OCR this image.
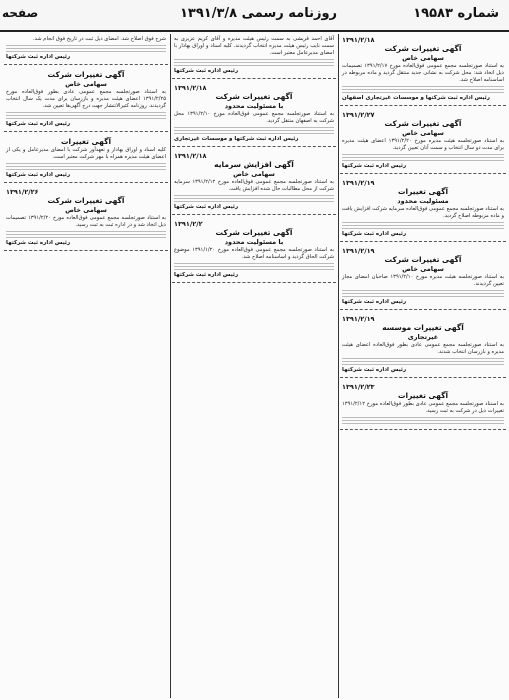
شماره ۱۹۵۸۳
روزنامه رسمی ۱۳۹۱/۳/۸
صفحه
۱۳۹۱/۲/۱۸
آگهی تغییرات شرکت
سهامی خاص
به استناد صورتجلسه مجمع عمومی فوق‌العاده مورخ ۱۳۹۱/۲/۱۷ تصمیمات ذیل اتخاذ شد: محل شرکت به نشانی جدید منتقل گردید و ماده مربوطه در اساسنامه اصلاح شد.
رئیس اداره ثبت شرکتها و موسسات غیرتجاری اصفهان
۱۳۹۱/۲/۲۷
آگهی تغییرات شرکت
سهامی خاص
به استناد صورتجلسه هیئت مدیره مورخ ۱۳۹۱/۲/۲۰ اعضای هیئت مدیره برای مدت دو سال انتخاب و سمت آنان تعیین گردید.
رئیس اداره ثبت شرکتها
۱۳۹۱/۲/۱۹
آگهی تغییرات
مسئولیت محدود
به استناد صورتجلسه مجمع عمومی فوق‌العاده سرمایه شرکت افزایش یافت و ماده مربوطه اصلاح گردید.
رئیس اداره ثبت شرکتها
۱۳۹۱/۲/۱۹
آگهی تغییرات شرکت
سهامی خاص
به استناد صورتجلسه هیئت مدیره مورخ ۱۳۹۱/۲/۱۰ صاحبان امضای مجاز تعیین گردیدند.
رئیس اداره ثبت شرکتها
۱۳۹۱/۲/۱۹
آگهی تغییرات موسسه
غیرتجاری
به استناد صورتجلسه مجمع عمومی عادی بطور فوق‌العاده اعضای هیئت مدیره و بازرسان انتخاب شدند.
رئیس اداره ثبت شرکتها
۱۳۹۱/۲/۲۳
آگهی تغییرات
به استناد صورتجلسه مجمع عمومی عادی بطور فوق‌العاده مورخ ۱۳۹۱/۲/۱۲ تغییرات ذیل در شرکت به ثبت رسید.
آقای احمد قریشی به سمت رئیس هیئت مدیره و آقای کریم عزیزی به سمت نایب رئیس هیئت مدیره انتخاب گردیدند. کلیه اسناد و اوراق بهادار با امضای مدیرعامل معتبر است.
رئیس اداره ثبت شرکتها
۱۳۹۱/۲/۱۸
آگهی تغییرات شرکت
با مسئولیت محدود
به استناد صورتجلسه مجمع عمومی فوق‌العاده مورخ ۱۳۹۱/۲/۱۰ محل شرکت به اصفهان منتقل گردید.
رئیس اداره ثبت شرکتها و موسسات غیرتجاری
۱۳۹۱/۲/۱۸
آگهی افزایش سرمایه
سهامی خاص
به استناد صورتجلسه مجمع عمومی فوق‌العاده مورخ ۱۳۹۱/۲/۱۲ سرمایه شرکت از محل مطالبات حال شده افزایش یافت.
رئیس اداره ثبت شرکتها
۱۳۹۱/۲/۲
آگهی تغییرات شرکت
با مسئولیت محدود
به استناد صورتجلسه مجمع عمومی فوق‌العاده مورخ ۱۳۹۱/۱/۲۰ موضوع شرکت الحاق گردید و اساسنامه اصلاح شد.
رئیس اداره ثبت شرکتها
شرح فوق اصلاح شد. امضای ذیل ثبت در تاریخ فوق انجام شد.
رئیس اداره ثبت شرکتها
آگهی تغییرات شرکت
سهامی خاص
به استناد صورتجلسه مجمع عمومی عادی بطور فوق‌العاده مورخ ۱۳۹۱/۲/۲۵ اعضای هیئت مدیره و بازرسان برای مدت یک سال انتخاب گردیدند. روزنامه کثیرالانتشار جهت درج آگهی‌ها تعیین شد.
رئیس اداره ثبت شرکتها
آگهی تغییرات
کلیه اسناد و اوراق بهادار و تعهدآور شرکت با امضای مدیرعامل و یکی از اعضای هیئت مدیره همراه با مهر شرکت معتبر است.
رئیس اداره ثبت شرکتها
۱۳۹۱/۲/۲۶
آگهی تغییرات شرکت
سهامی خاص
به استناد صورتجلسه مجمع عمومی فوق‌العاده مورخ ۱۳۹۱/۲/۲۰ تصمیمات ذیل اتخاذ شد و در اداره ثبت به ثبت رسید.
رئیس اداره ثبت شرکتها
